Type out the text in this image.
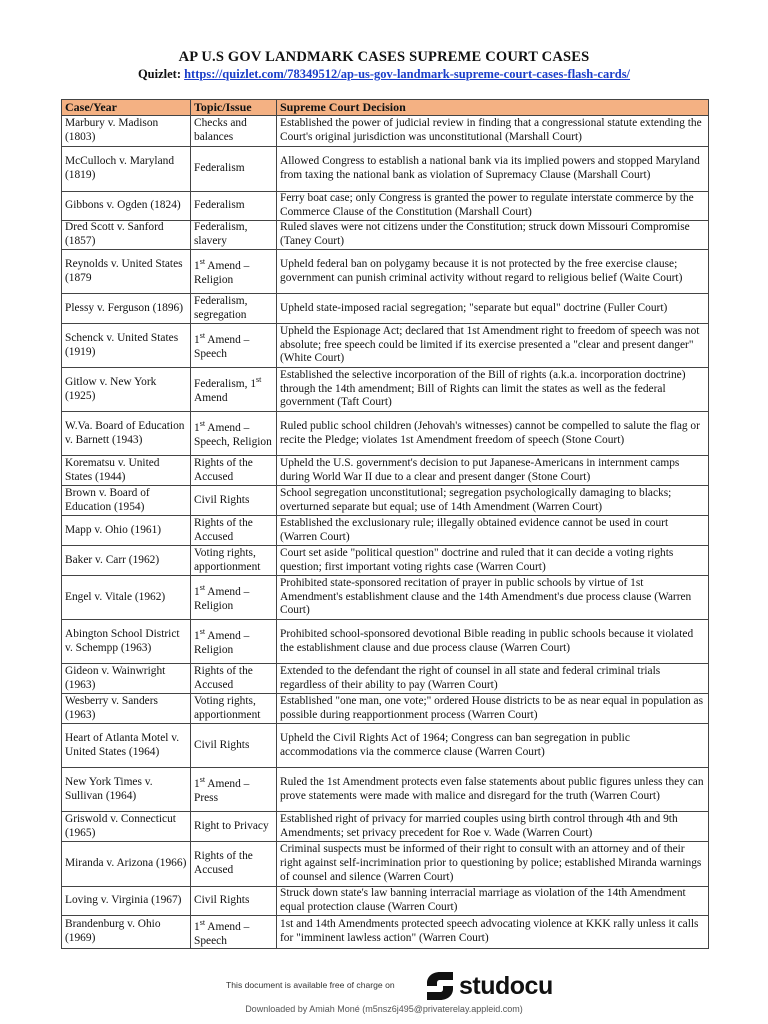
AP U.S GOV LANDMARK CASES SUPREME COURT CASES
Quizlet: https://quizlet.com/78349512/ap-us-gov-landmark-supreme-court-cases-flash-cards/
Case/Year	Topic/Issue	Supreme Court Decision
Marbury v. Madison (1803)	Checks and balances	Established the power of judicial review in finding that a congressional statute extending the Court's original jurisdiction was unconstitutional (Marshall Court)
McCulloch v. Maryland (1819)	Federalism	Allowed Congress to establish a national bank via its implied powers and stopped Maryland from taxing the national bank as violation of Supremacy Clause (Marshall Court)
Gibbons v. Ogden (1824)	Federalism	Ferry boat case; only Congress is granted the power to regulate interstate commerce by the Commerce Clause of the Constitution (Marshall Court)
Dred Scott v. Sanford (1857)	Federalism, slavery	Ruled slaves were not citizens under the Constitution; struck down Missouri Compromise (Taney Court)
Reynolds v. United States (1879	1st Amend – Religion	Upheld federal ban on polygamy because it is not protected by the free exercise clause; government can punish criminal activity without regard to religious belief (Waite Court)
Plessy v. Ferguson (1896)	Federalism, segregation	Upheld state-imposed racial segregation; "separate but equal" doctrine (Fuller Court)
Schenck v. United States (1919)	1st Amend – Speech	Upheld the Espionage Act; declared that 1st Amendment right to freedom of speech was not absolute; free speech could be limited if its exercise presented a "clear and present danger" (White Court)
Gitlow v. New York (1925)	Federalism, 1st Amend	Established the selective incorporation of the Bill of rights (a.k.a. incorporation doctrine) through the 14th amendment; Bill of Rights can limit the states as well as the federal government (Taft Court)
W.Va. Board of Education v. Barnett (1943)	1st Amend – Speech, Religion	Ruled public school children (Jehovah's witnesses) cannot be compelled to salute the flag or recite the Pledge; violates 1st Amendment freedom of speech (Stone Court)
Korematsu v. United States (1944)	Rights of the Accused	Upheld the U.S. government's decision to put Japanese-Americans in internment camps during World War II due to a clear and present danger (Stone Court)
Brown v. Board of Education (1954)	Civil Rights	School segregation unconstitutional; segregation psychologically damaging to blacks; overturned separate but equal; use of 14th Amendment (Warren Court)
Mapp v. Ohio (1961)	Rights of the Accused	Established the exclusionary rule; illegally obtained evidence cannot be used in court (Warren Court)
Baker v. Carr (1962)	Voting rights, apportionment	Court set aside "political question" doctrine and ruled that it can decide a voting rights question; first important voting rights case (Warren Court)
Engel v. Vitale (1962)	1st Amend – Religion	Prohibited state-sponsored recitation of prayer in public schools by virtue of 1st Amendment's establishment clause and the 14th Amendment's due process clause (Warren Court)
Abington School District v. Schempp (1963)	1st Amend – Religion	Prohibited school-sponsored devotional Bible reading in public schools because it violated the establishment clause and due process clause (Warren Court)
Gideon v. Wainwright (1963)	Rights of the Accused	Extended to the defendant the right of counsel in all state and federal criminal trials regardless of their ability to pay (Warren Court)
Wesberry v. Sanders (1963)	Voting rights, apportionment	Established "one man, one vote;" ordered House districts to be as near equal in population as possible during reapportionment process (Warren Court)
Heart of Atlanta Motel v. United States (1964)	Civil Rights	Upheld the Civil Rights Act of 1964; Congress can ban segregation in public accommodations via the commerce clause (Warren Court)
New York Times v. Sullivan (1964)	1st Amend – Press	Ruled the 1st Amendment protects even false statements about public figures unless they can prove statements were made with malice and disregard for the truth (Warren Court)
Griswold v. Connecticut (1965)	Right to Privacy	Established right of privacy for married couples using birth control through 4th and 9th Amendments; set privacy precedent for Roe v. Wade (Warren Court)
Miranda v. Arizona (1966)	Rights of the Accused	Criminal suspects must be informed of their right to consult with an attorney and of their right against self-incrimination prior to questioning by police; established Miranda warnings of counsel and silence (Warren Court)
Loving v. Virginia (1967)	Civil Rights	Struck down state's law banning interracial marriage as violation of the 14th Amendment equal protection clause (Warren Court)
Brandenburg v. Ohio (1969)	1st Amend – Speech	1st and 14th Amendments protected speech advocating violence at KKK rally unless it calls for "imminent lawless action" (Warren Court)
This document is available free of charge on	studocu
Downloaded by Amiah Moné (m5nsz6j495@privaterelay.appleid.com)
